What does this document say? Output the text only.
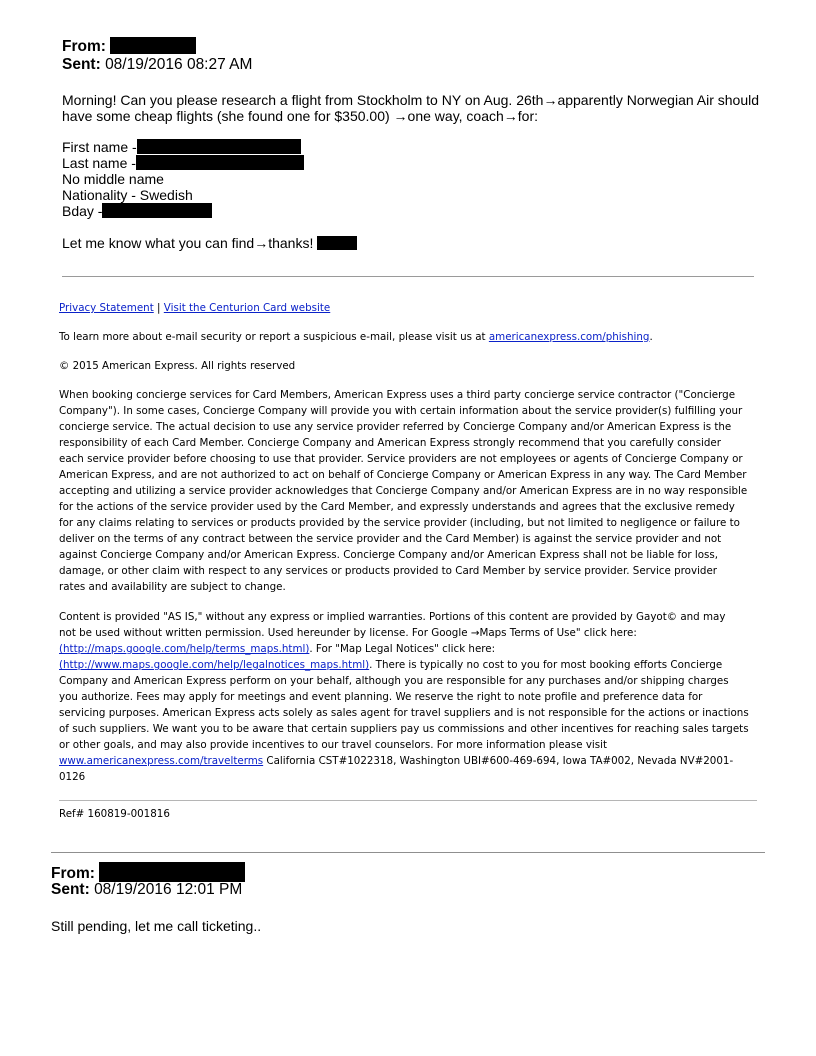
From:
Sent: 08/19/2016 08:27 AM
Morning! Can you please research a flight from Stockholm to NY on Aug. 26th→apparently Norwegian Air should
have some cheap flights (she found one for $350.00) →one way, coach→for:
First name -
Last name -
No middle name
Nationality - Swedish
Bday -
Let me know what you can find→thanks!
Privacy Statement | Visit the Centurion Card website
To learn more about e-mail security or report a suspicious e-mail, please visit us at americanexpress.com/phishing.
© 2015 American Express. All rights reserved
When booking concierge services for Card Members, American Express uses a third party concierge service contractor ("Concierge
Company"). In some cases, Concierge Company will provide you with certain information about the service provider(s) fulfilling your
concierge service. The actual decision to use any service provider referred by Concierge Company and/or American Express is the
responsibility of each Card Member. Concierge Company and American Express strongly recommend that you carefully consider
each service provider before choosing to use that provider. Service providers are not employees or agents of Concierge Company or
American Express, and are not authorized to act on behalf of Concierge Company or American Express in any way. The Card Member
accepting and utilizing a service provider acknowledges that Concierge Company and/or American Express are in no way responsible
for the actions of the service provider used by the Card Member, and expressly understands and agrees that the exclusive remedy
for any claims relating to services or products provided by the service provider (including, but not limited to negligence or failure to
deliver on the terms of any contract between the service provider and the Card Member) is against the service provider and not
against Concierge Company and/or American Express. Concierge Company and/or American Express shall not be liable for loss,
damage, or other claim with respect to any services or products provided to Card Member by service provider. Service provider
rates and availability are subject to change.
Content is provided "AS IS," without any express or implied warranties. Portions of this content are provided by Gayot© and may
not be used without written permission. Used hereunder by license. For Google →Maps Terms of Use" click here:
(http://maps.google.com/help/terms_maps.html). For "Map Legal Notices" click here:
(http://www.maps.google.com/help/legalnotices_maps.html). There is typically no cost to you for most booking efforts Concierge
Company and American Express perform on your behalf, although you are responsible for any purchases and/or shipping charges
you authorize. Fees may apply for meetings and event planning. We reserve the right to note profile and preference data for
servicing purposes. American Express acts solely as sales agent for travel suppliers and is not responsible for the actions or inactions
of such suppliers. We want you to be aware that certain suppliers pay us commissions and other incentives for reaching sales targets
or other goals, and may also provide incentives to our travel counselors. For more information please visit
www.americanexpress.com/travelterms California CST#1022318, Washington UBI#600-469-694, Iowa TA#002, Nevada NV#2001-
0126
Ref# 160819-001816
From:
Sent: 08/19/2016 12:01 PM
Still pending, let me call ticketing..
